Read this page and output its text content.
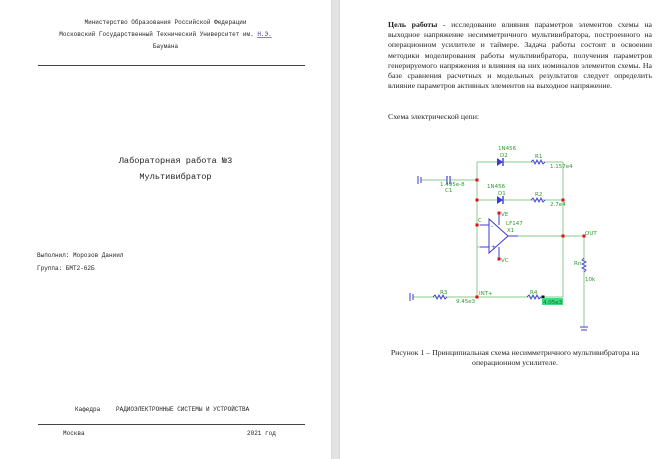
Министерство Образования Российской Федерации
Московский Государственный Технический Университет им. Н.Э.
Баумана
Лабораторная работа №3
Мультивибратор
Выполнил: Морозов Даниил
Группа: БМТ2-62Б
Кафедра	РАДИОЭЛЕКТРОННЫЕ СИСТЕМЫ И УСТРОЙСТВА
Москва	2021 год
Цель работы - исследование влияния параметров элементов схемы на выходное напряжение несимметричного мультивибратора, построенного на операционном усилителе и таймере. Задача работы состоит в освоении методики моделирования работы мультивибратора, получения параметров генерируемого напряжения и влияния на них номиналов элементов схемы. На базе сравнения расчетных и модельных результатов следует определить влияние параметров активных элементов на выходное напряжение.
Схема электрической цепи:
-
+
1N456
D2	R1
1.157e4
1.495e-8
C1
1N456
D1	R2
2.7e4
VE
LF147
X1
C
VC
OUT
Rn
10k
R3
9.45e3
INT+	R4
4.05e3
Рисунок 1 – Принципиальная схема несимметричного мультивибратора на операционном усилителе.
